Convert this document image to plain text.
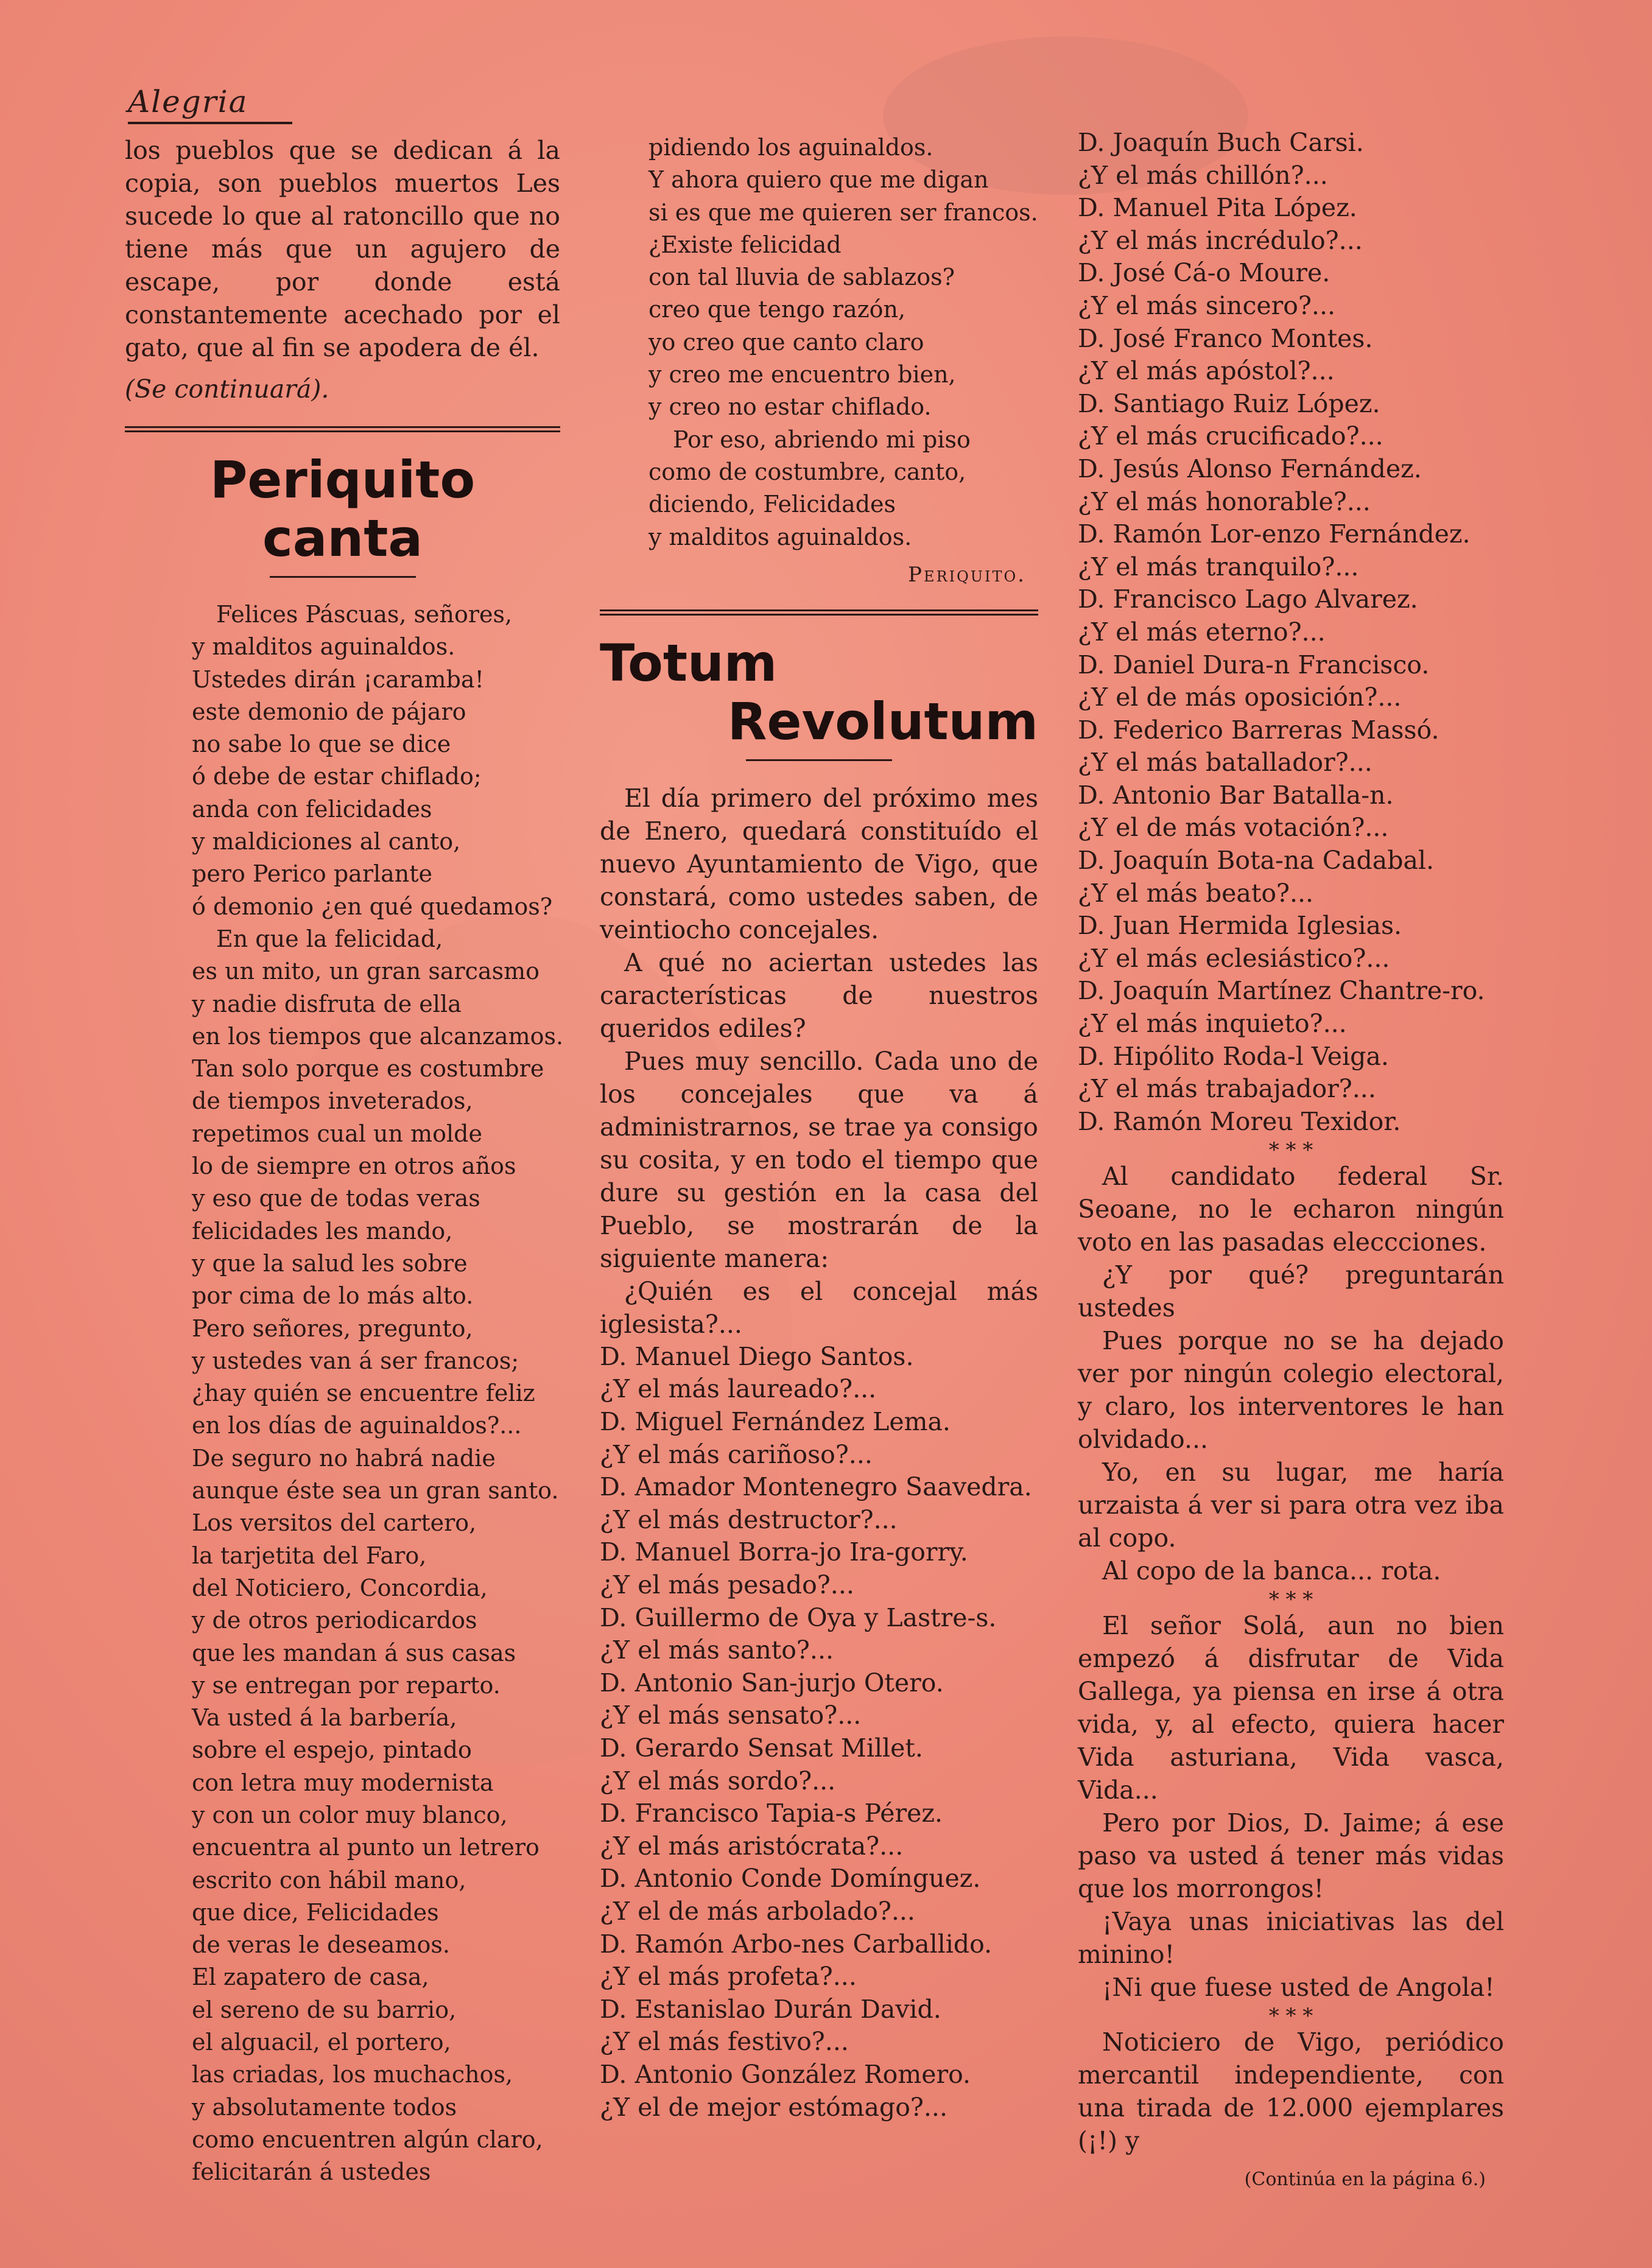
Alegria

los pueblos que se dedican á la copia, son pueblos muertos Les sucede lo que al ratoncillo que no tiene más que un agujero de escape, por donde está constantemente acechado por el gato, que al fin se apodera de él.

(Se continuará).

Periquito canta
Felices Páscuas, señores,
y malditos aguinaldos.
Ustedes dirán ¡caramba!
este demonio de pájaro
no sabe lo que se dice
ó debe de estar chiflado;
anda con felicidades
y maldiciones al canto,
pero Perico parlante
ó demonio ¿en qué quedamos?
En que la felicidad,
es un mito, un gran sarcasmo
y nadie disfruta de ella
en los tiempos que alcanzamos.
Tan solo porque es costumbre
de tiempos inveterados,
repetimos cual un molde
lo de siempre en otros años
y eso que de todas veras
felicidades les mando,
y que la salud les sobre
por cima de lo más alto.
Pero señores, pregunto,
y ustedes van á ser francos;
¿hay quién se encuentre feliz
en los días de aguinaldos?...
De seguro no habrá nadie
aunque éste sea un gran santo.
Los versitos del cartero,
la tarjetita del Faro,
del Noticiero, Concordia,
y de otros periodicardos
que les mandan á sus casas
y se entregan por reparto.
Va usted á la barbería,
sobre el espejo, pintado
con letra muy modernista
y con un color muy blanco,
encuentra al punto un letrero
escrito con hábil mano,
que dice, Felicidades
de veras le deseamos.
El zapatero de casa,
el sereno de su barrio,
el alguacil, el portero,
las criadas, los muchachos,
y absolutamente todos
como encuentren algún claro,
felicitarán á ustedes
pidiendo los aguinaldos.
Y ahora quiero que me digan
si es que me quieren ser francos.
¿Existe felicidad
con tal lluvia de sablazos?
creo que tengo razón,
yo creo que canto claro
y creo me encuentro bien,
y creo no estar chiflado.
Por eso, abriendo mi piso
como de costumbre, canto,
diciendo, Felicidades
y malditos aguinaldos.
Periquito.
Totum
Revolutum

El día primero del próximo mes de Enero, quedará constituído el nuevo Ayuntamiento de Vigo, que constará, como ustedes saben, de veintiocho concejales.

A qué no aciertan ustedes las características de nuestros queridos ediles?

Pues muy sencillo. Cada uno de los concejales que va á administrarnos, se trae ya consigo su cosita, y en todo el tiempo que dure su gestión en la casa del Pueblo, se mostrarán de la siguiente manera:

¿Quién es el concejal más iglesista?...

D. Manuel Diego Santos.
¿Y el más laureado?...
D. Miguel Fernández Lema.
¿Y el más cariñoso?...
D. Amador Montenegro Saavedra.
¿Y el más destructor?...
D. Manuel Borra-jo Ira-gorry.
¿Y el más pesado?...
D. Guillermo de Oya y Lastre-s.
¿Y el más santo?...
D. Antonio San-jurjo Otero.
¿Y el más sensato?...
D. Gerardo Sensat Millet.
¿Y el más sordo?...
D. Francisco Tapia-s Pérez.
¿Y el más aristócrata?...
D. Antonio Conde Domínguez.
¿Y el de más arbolado?...
D. Ramón Arbo-nes Carballido.
¿Y el más profeta?...
D. Estanislao Durán David.
¿Y el más festivo?...
D. Antonio González Romero.
¿Y el de mejor estómago?...
D. Joaquín Buch Carsi.
¿Y el más chillón?...
D. Manuel Pita López.
¿Y el más incrédulo?...
D. José Cá-o Moure.
¿Y el más sincero?...
D. José Franco Montes.
¿Y el más apóstol?...
D. Santiago Ruiz López.
¿Y el más crucificado?...
D. Jesús Alonso Fernández.
¿Y el más honorable?...
D. Ramón Lor-enzo Fernández.
¿Y el más tranquilo?...
D. Francisco Lago Alvarez.
¿Y el más eterno?...
D. Daniel Dura-n Francisco.
¿Y el de más oposición?...
D. Federico Barreras Massó.
¿Y el más batallador?...
D. Antonio Bar Batalla-n.
¿Y el de más votación?...
D. Joaquín Bota-na Cadabal.
¿Y el más beato?...
D. Juan Hermida Iglesias.
¿Y el más eclesiástico?...
D. Joaquín Martínez Chantre-ro.
¿Y el más inquieto?...
D. Hipólito Roda-l Veiga.
¿Y el más trabajador?...
D. Ramón Moreu Texidor.
* * *

Al candidato federal Sr. Seoane, no le echaron ningún voto en las pasadas eleccciones.

¿Y por qué? preguntarán ustedes

Pues porque no se ha dejado ver por ningún colegio electoral, y claro, los interventores le han olvidado...

Yo, en su lugar, me haría urzaista á ver si para otra vez iba al copo.

Al copo de la banca... rota.

* * *

El señor Solá, aun no bien empezó á disfrutar de Vida Gallega, ya piensa en irse á otra vida, y, al efecto, quiera hacer Vida asturiana, Vida vasca, Vida...

Pero por Dios, D. Jaime; á ese paso va usted á tener más vidas que los morrongos!

¡Vaya unas iniciativas las del minino!

¡Ni que fuese usted de Angola!

* * *

Noticiero de Vigo, periódico mercantil independiente, con una tirada de 12.000 ejemplares (¡!) y

(Continúa en la página 6.)
